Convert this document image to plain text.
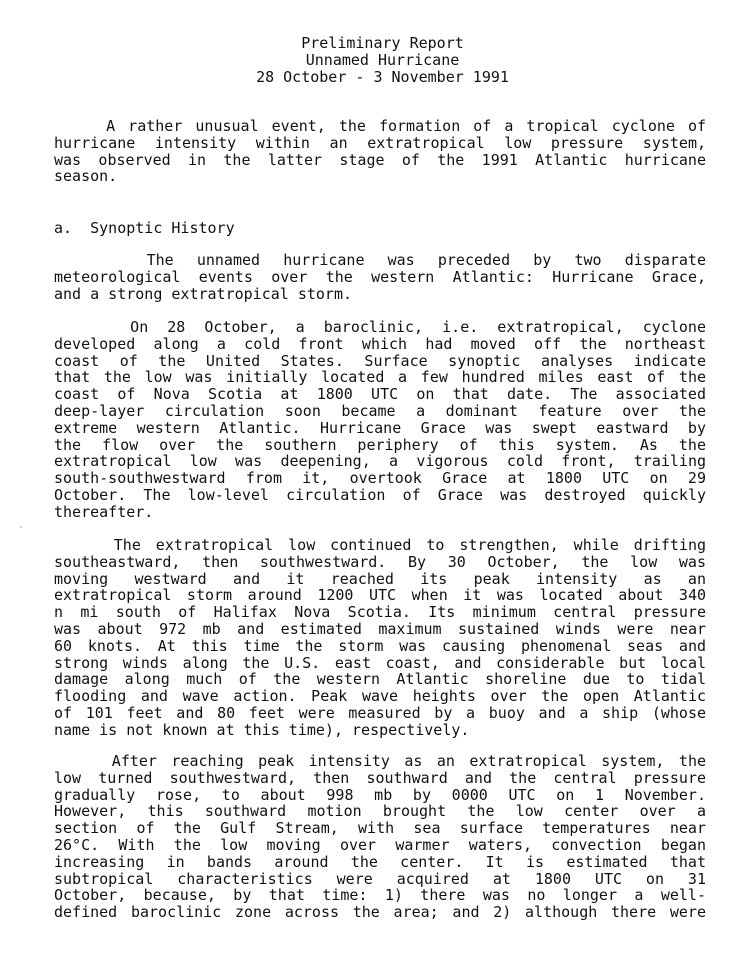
Preliminary Report
Unnamed Hurricane
28 October - 3 November 1991
A rather unusual event, the formation of a tropical cyclone of
hurricane intensity within an extratropical low pressure system,
was observed in the latter stage of the 1991 Atlantic hurricane
season.
a.  Synoptic History
The unnamed hurricane was preceded by two disparate
meteorological events over the western Atlantic: Hurricane Grace,
and a strong extratropical storm.
On 28 October, a baroclinic, i.e. extratropical, cyclone
developed along a cold front which had moved off the northeast
coast of the United States. Surface synoptic analyses indicate
that the low was initially located a few hundred miles east of the
coast of Nova Scotia at 1800 UTC on that date. The associated
deep-layer circulation soon became a dominant feature over the
extreme western Atlantic. Hurricane Grace was swept eastward by
the flow over the southern periphery of this system. As the
extratropical low was deepening, a vigorous cold front, trailing
south-southwestward from it, overtook Grace at 1800 UTC on 29
October. The low-level circulation of Grace was destroyed quickly
thereafter.
The extratropical low continued to strengthen, while drifting
southeastward, then southwestward. By 30 October, the low was
moving westward and it reached its peak intensity as an
extratropical storm around 1200 UTC when it was located about 340
n mi south of Halifax Nova Scotia. Its minimum central pressure
was about 972 mb and estimated maximum sustained winds were near
60 knots. At this time the storm was causing phenomenal seas and
strong winds along the U.S. east coast, and considerable but local
damage along much of the western Atlantic shoreline due to tidal
flooding and wave action. Peak wave heights over the open Atlantic
of 101 feet and 80 feet were measured by a buoy and a ship (whose
name is not known at this time), respectively.
After reaching peak intensity as an extratropical system, the
low turned southwestward, then southward and the central pressure
gradually rose, to about 998 mb by 0000 UTC on 1 November.
However, this southward motion brought the low center over a
section of the Gulf Stream, with sea surface temperatures near
26°C. With the low moving over warmer waters, convection began
increasing in bands around the center. It is estimated that
subtropical characteristics were acquired at 1800 UTC on 31
October, because, by that time: 1) there was no longer a well-
defined baroclinic zone across the area; and 2) although there were
